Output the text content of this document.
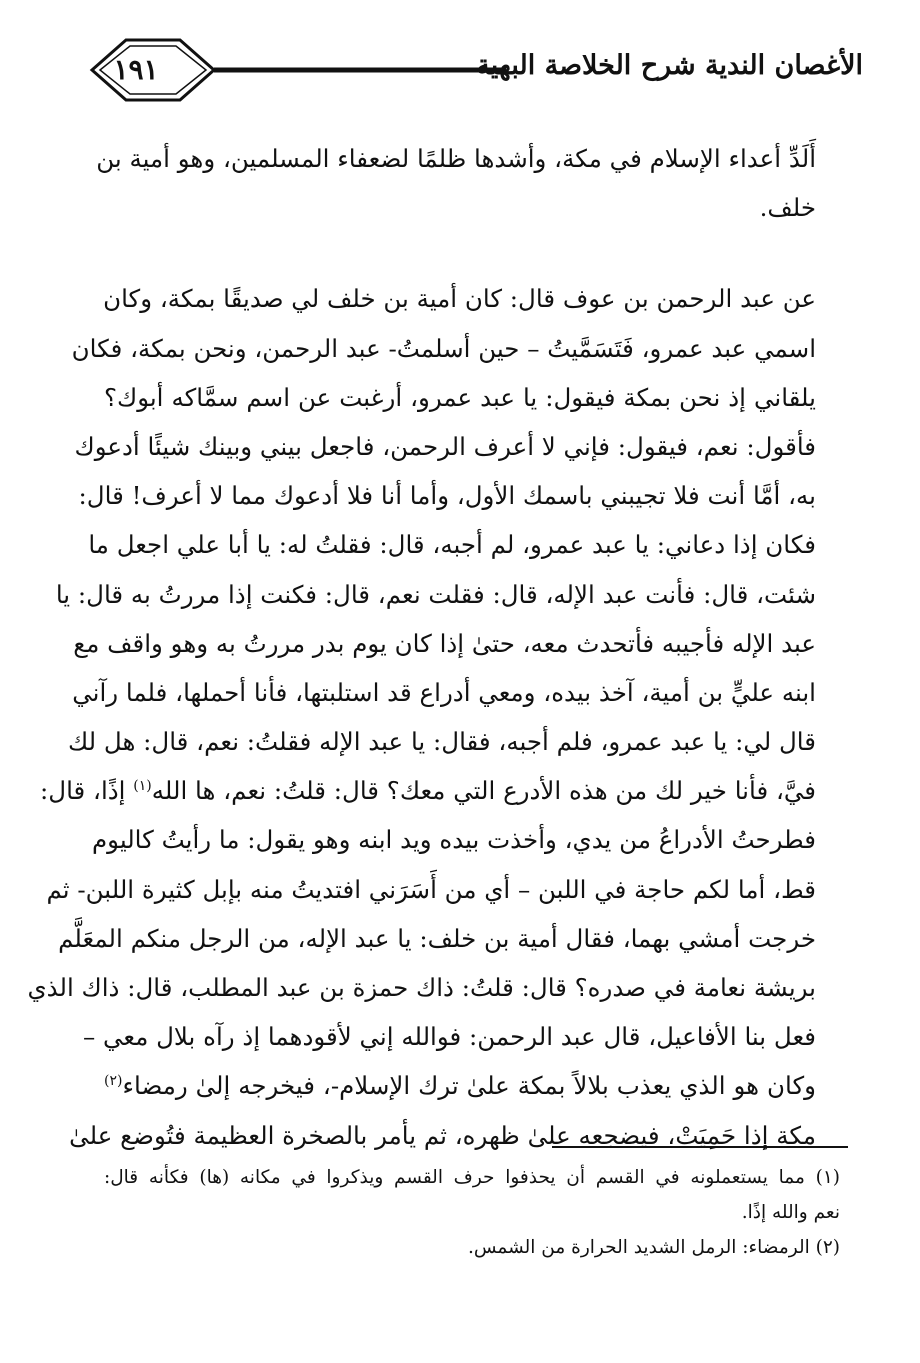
١٩١	الأغصان الندية شرح الخلاصة البهية
أَلَدِّ أعداء الإسلام في مكة، وأشدها ظلمًا لضعفاء المسلمين، وهو أمية بن
خلف.
عن عبد الرحمن بن عوف قال: كان أمية بن خلف لي صديقًا بمكة، وكان
اسمي عبد عمرو، فَتَسَمَّيتُ – حين أسلمتُ- عبد الرحمن، ونحن بمكة، فكان
يلقاني إذ نحن بمكة فيقول: يا عبد عمرو، أرغبت عن اسم سمَّاكه أبوك؟
فأقول: نعم، فيقول: فإني لا أعرف الرحمن، فاجعل بيني وبينك شيئًا أدعوك
به، أمَّا أنت فلا تجيبني باسمك الأول، وأما أنا فلا أدعوك مما لا أعرف! قال:
فكان إذا دعاني: يا عبد عمرو، لم أجبه، قال: فقلتُ له: يا أبا علي اجعل ما
شئت، قال: فأنت عبد الإله، قال: فقلت نعم، قال: فكنت إذا مررتُ به قال: يا
عبد الإله فأجيبه فأتحدث معه، حتىٰ إذا كان يوم بدر مررتُ به وهو واقف مع
ابنه عليٍّ بن أمية، آخذ بيده، ومعي أدراع قد استلبتها، فأنا أحملها، فلما رآني
قال لي: يا عبد عمرو، فلم أجبه، فقال: يا عبد الإله فقلتُ: نعم، قال: هل لك
فيَّ، فأنا خير لك من هذه الأدرع التي معك؟ قال: قلتُ: نعم، ها الله$^{(١)}$ إذًا، قال:
فطرحتُ الأدراعُ من يدي، وأخذت بيده ويد ابنه وهو يقول: ما رأيتُ كاليوم
قط، أما لكم حاجة في اللبن – أي من أَسَرَني افتديتُ منه بإبل كثيرة اللبن- ثم
خرجت أمشي بهما، فقال أمية بن خلف: يا عبد الإله، من الرجل منكم المعَلَّم
بريشة نعامة في صدره؟ قال: قلتُ: ذاك حمزة بن عبد المطلب، قال: ذاك الذي
فعل بنا الأفاعيل، قال عبد الرحمن: فوالله إني لأقودهما إذ رآه بلال معي –
وكان هو الذي يعذب بلالاً بمكة علىٰ ترك الإسلام-، فيخرجه إلىٰ رمضاء$^{(٢)}$
مكة إذا حَمِيَتْ، فيضجعه علىٰ ظهره، ثم يأمر بالصخرة العظيمة فتُوضع علىٰ
(١) مما يستعملونه في القسم أن يحذفوا حرف القسم ويذكروا في مكانه (ها) فكأنه قال:
نعم والله إذًا.
(٢) الرمضاء: الرمل الشديد الحرارة من الشمس.
